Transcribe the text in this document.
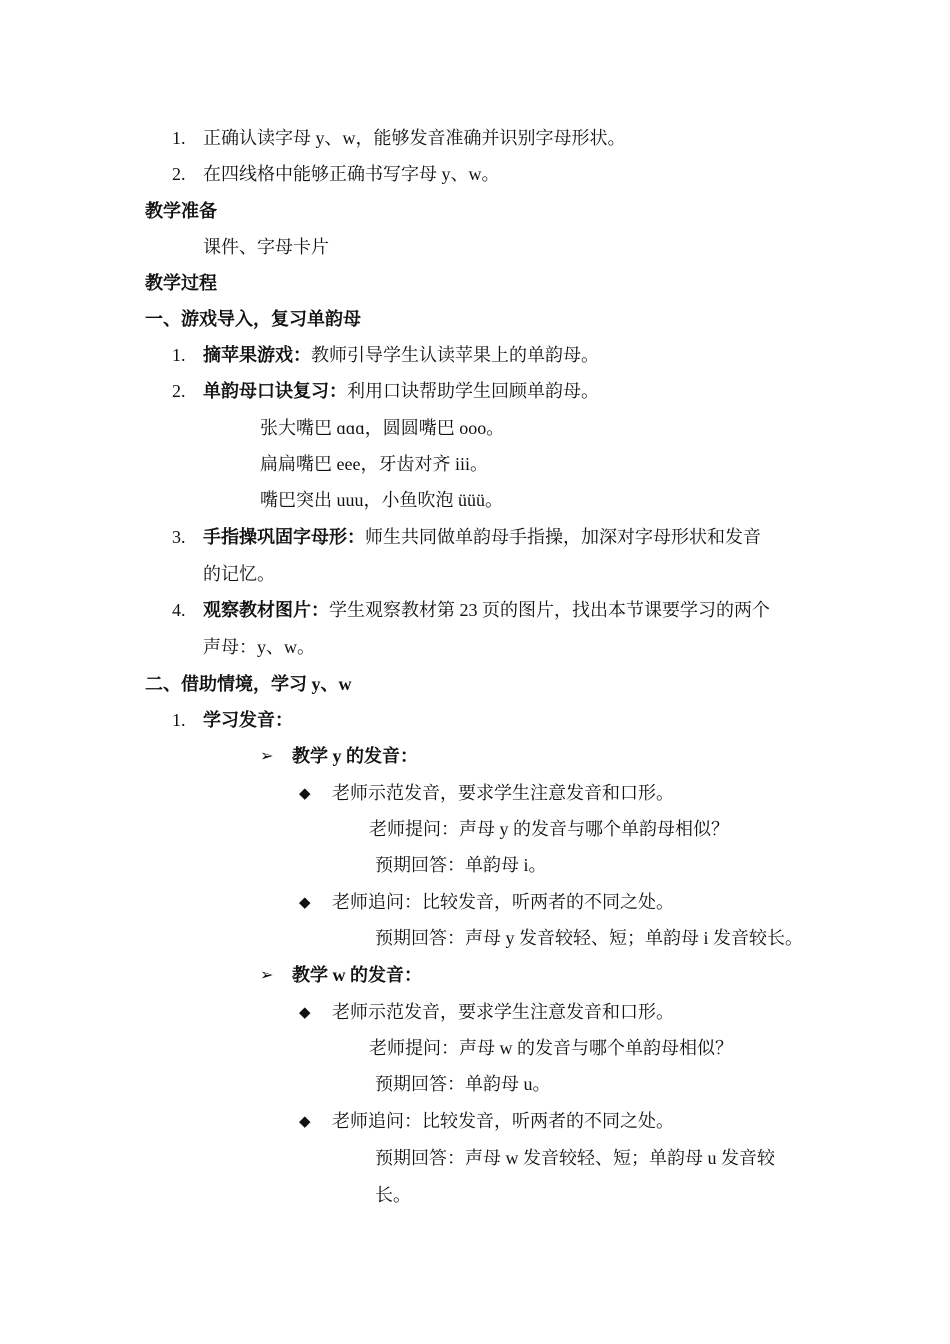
1. 正确认读字母 y、w，能够发音准确并识别字母形状。
2. 在四线格中能够正确书写字母 y、w。
教学准备
课件、字母卡片
教学过程
一、游戏导入，复习单韵母
1. 摘苹果游戏：教师引导学生认读苹果上的单韵母。
2. 单韵母口诀复习：利用口诀帮助学生回顾单韵母。
张大嘴巴 ɑɑɑ，圆圆嘴巴 ooo。
扁扁嘴巴 eee，牙齿对齐 iii。
嘴巴突出 uuu，小鱼吹泡 üüü。
3. 手指操巩固字母形：师生共同做单韵母手指操，加深对字母形状和发音
的记忆。
4. 观察教材图片：学生观察教材第 23 页的图片，找出本节课要学习的两个
声母：y、w。
二、借助情境，学习 y、w
1. 学习发音：
➢ 教学 y 的发音：
◆ 老师示范发音，要求学生注意发音和口形。
老师提问：声母 y 的发音与哪个单韵母相似？
预期回答：单韵母 i。
◆ 老师追问：比较发音，听两者的不同之处。
预期回答：声母 y 发音较轻、短；单韵母 i 发音较长。
➢ 教学 w 的发音：
◆ 老师示范发音，要求学生注意发音和口形。
老师提问：声母 w 的发音与哪个单韵母相似？
预期回答：单韵母 u。
◆ 老师追问：比较发音，听两者的不同之处。
预期回答：声母 w 发音较轻、短；单韵母 u 发音较
长。
